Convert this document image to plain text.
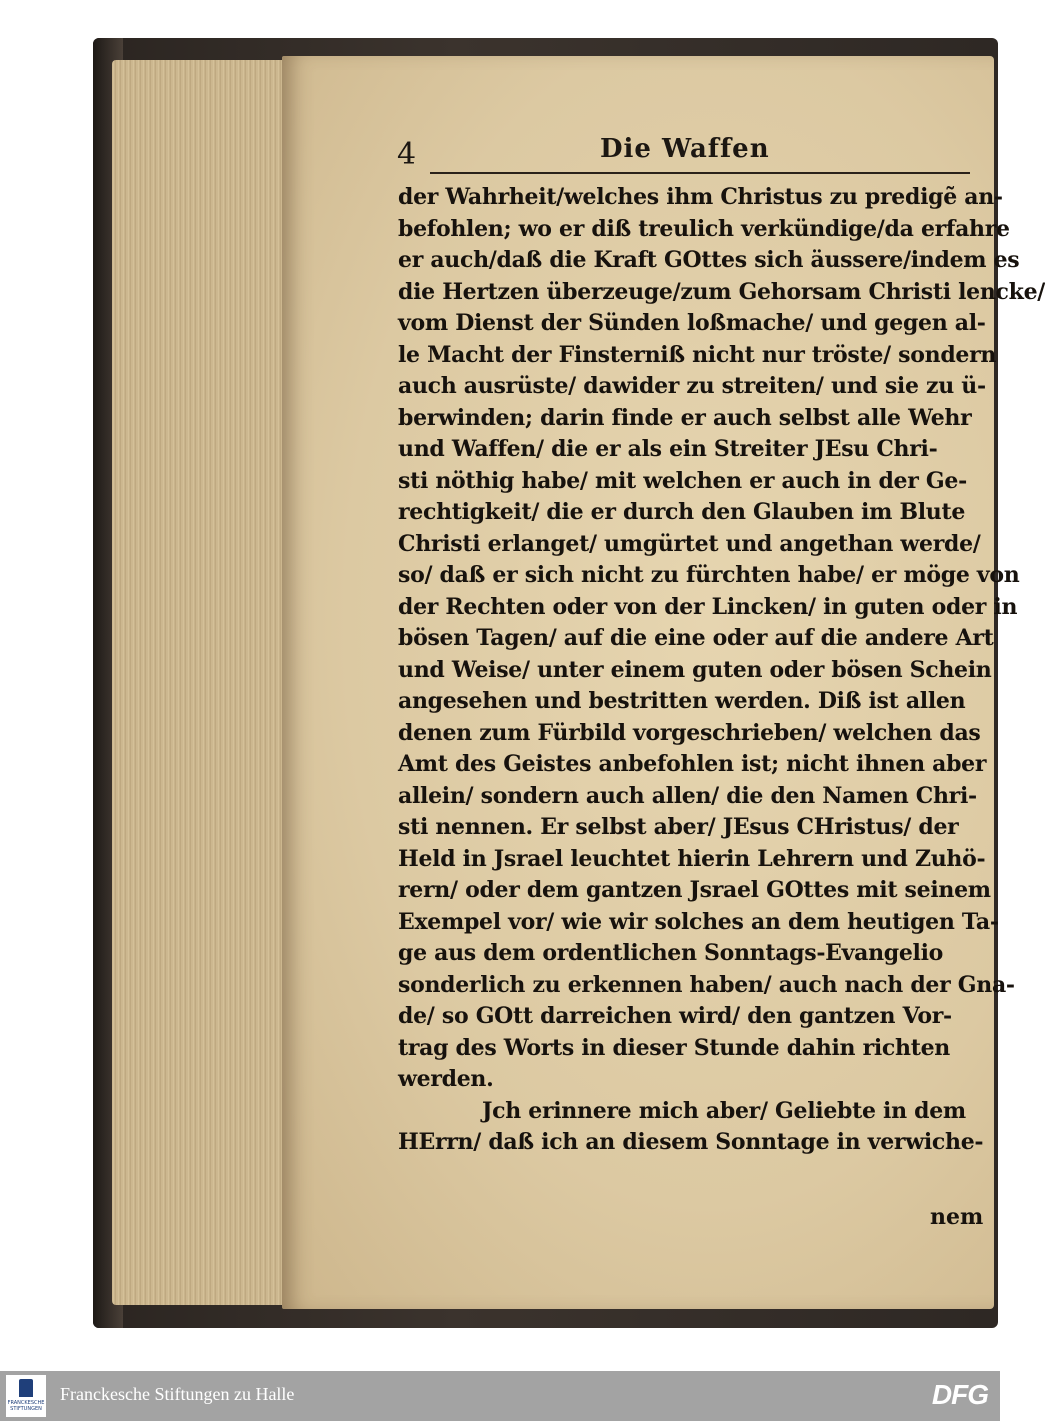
4	Die Waffen
der Wahrheit/welches ihm Christus zu predigẽ an-
befohlen; wo er diß treulich verkündige/da erfahre
er auch/daß die Kraft GOttes sich äussere/indem es
die Hertzen überzeuge/zum Gehorsam Christi lencke/
vom Dienst der Sünden loßmache/ und gegen al-
le Macht der Finsterniß nicht nur tröste/ sondern
auch ausrüste/ dawider zu streiten/ und sie zu ü-
berwinden; darin finde er auch selbst alle Wehr
und Waffen/ die er als ein Streiter JEsu Chri-
sti nöthig habe/ mit welchen er auch in der Ge-
rechtigkeit/ die er durch den Glauben im Blute
Christi erlanget/ umgürtet und angethan werde/
so/ daß er sich nicht zu fürchten habe/ er möge von
der Rechten oder von der Lincken/ in guten oder in
bösen Tagen/ auf die eine oder auf die andere Art
und Weise/ unter einem guten oder bösen Schein
angesehen und bestritten werden. Diß ist allen
denen zum Fürbild vorgeschrieben/ welchen das
Amt des Geistes anbefohlen ist; nicht ihnen aber
allein/ sondern auch allen/ die den Namen Chri-
sti nennen. Er selbst aber/ JEsus CHristus/ der
Held in Jsrael leuchtet hierin Lehrern und Zuhö-
rern/ oder dem gantzen Jsrael GOttes mit seinem
Exempel vor/ wie wir solches an dem heutigen Ta-
ge aus dem ordentlichen Sonntags-Evangelio
sonderlich zu erkennen haben/ auch nach der Gna-
de/ so GOtt darreichen wird/ den gantzen Vor-
trag des Worts in dieser Stunde dahin richten
werden.
Jch erinnere mich aber/ Geliebte in dem
HErrn/ daß ich an diesem Sonntage in verwiche-
nem
FRANCKESCHE STIFTUNGEN
Franckesche Stiftungen zu Halle	DFG
